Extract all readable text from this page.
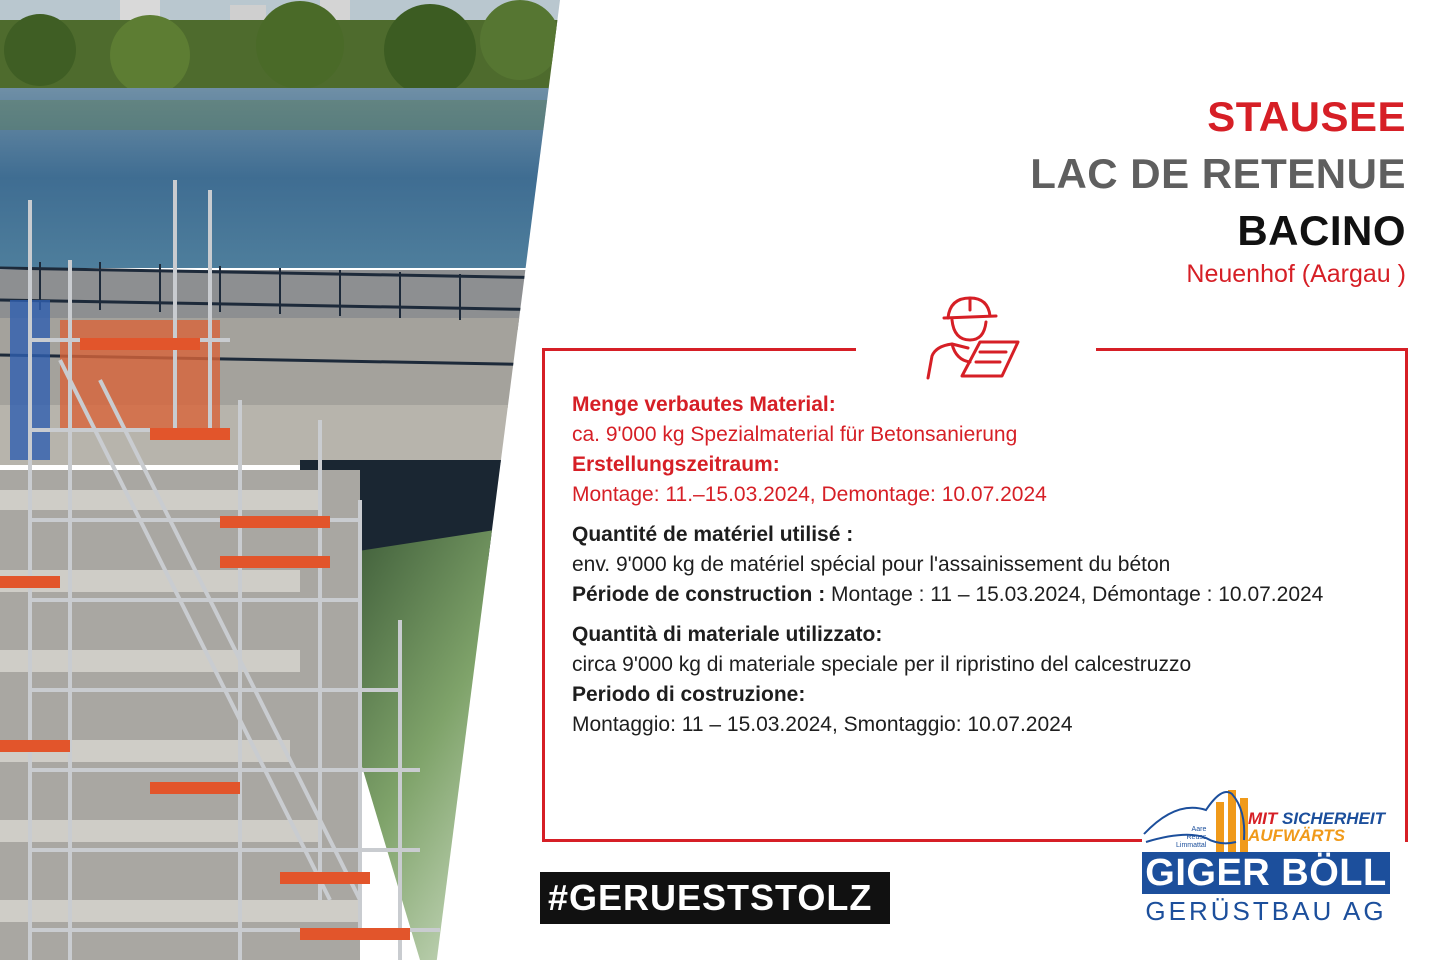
STAUSEE
LAC DE RETENUE
BACINO
Neuenhof (Aargau )
Menge verbautes Material:
ca. 9'000 kg Spezialmaterial für Betonsanierung
Erstellungszeitraum:
Montage: 11.–15.03.2024, Demontage: 10.07.2024
Quantité de matériel utilisé :
env. 9'000 kg de matériel spécial pour l'assainissement du béton
Période de construction : Montage : 11 – 15.03.2024, Démontage : 10.07.2024
Quantità di materiale utilizzato:
circa 9'000 kg di materiale speciale per il ripristino del calcestruzzo
Periodo di costruzione:
Montaggio: 11 – 15.03.2024, Smontaggio: 10.07.2024
#GERUESTSTOLZ
Aare
Reuss
Limmattal
MIT SICHERHEIT
AUFWÄRTS
GIGER BÖLL
GERÜSTBAU AG
